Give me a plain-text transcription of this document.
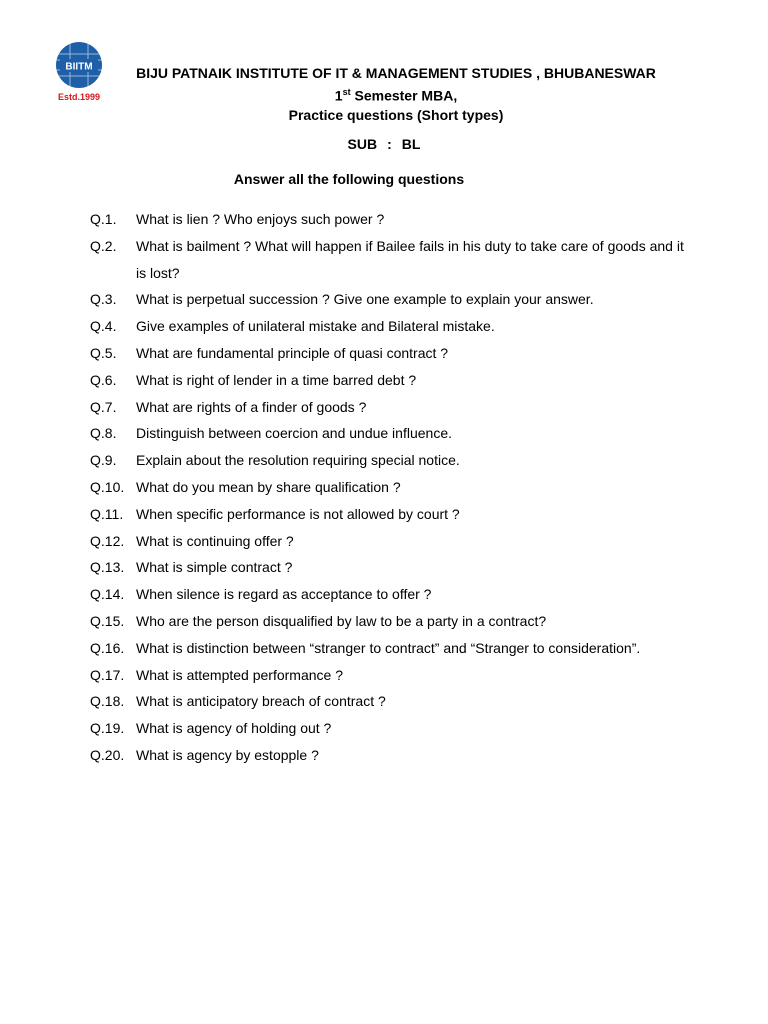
BIITM
Estd.1999
BIJU PATNAIK INSTITUTE OF IT & MANAGEMENT STUDIES , BHUBANESWAR
1st Semester MBA,
Practice questions (Short types)
SUB : BL
Answer all the following questions
Q.1.	What is lien ? Who enjoys such power ?
Q.2.	What is bailment ? What will happen if Bailee fails in his duty to take care of goods and it is lost?
Q.3.	What is perpetual succession ? Give one example to explain your answer.
Q.4.	Give examples of unilateral mistake and Bilateral mistake.
Q.5.	What are fundamental principle of quasi contract ?
Q.6.	What is right of lender in a time barred debt ?
Q.7.	What are rights of a finder of goods ?
Q.8.	Distinguish between coercion and undue influence.
Q.9.	Explain about the resolution requiring special notice.
Q.10. What do you mean by share qualification ?
Q.11. When specific performance is not allowed by court ?
Q.12. What is continuing offer ?
Q.13. What is simple contract ?
Q.14. When silence is regard as acceptance to offer ?
Q.15. Who are the person disqualified by law to be a party in a contract?
Q.16. What is distinction between “stranger to contract” and “Stranger to consideration”.
Q.17. What is attempted performance ?
Q.18. What is anticipatory breach of contract ?
Q.19. What is agency of holding out ?
Q.20. What is agency by estopple ?
